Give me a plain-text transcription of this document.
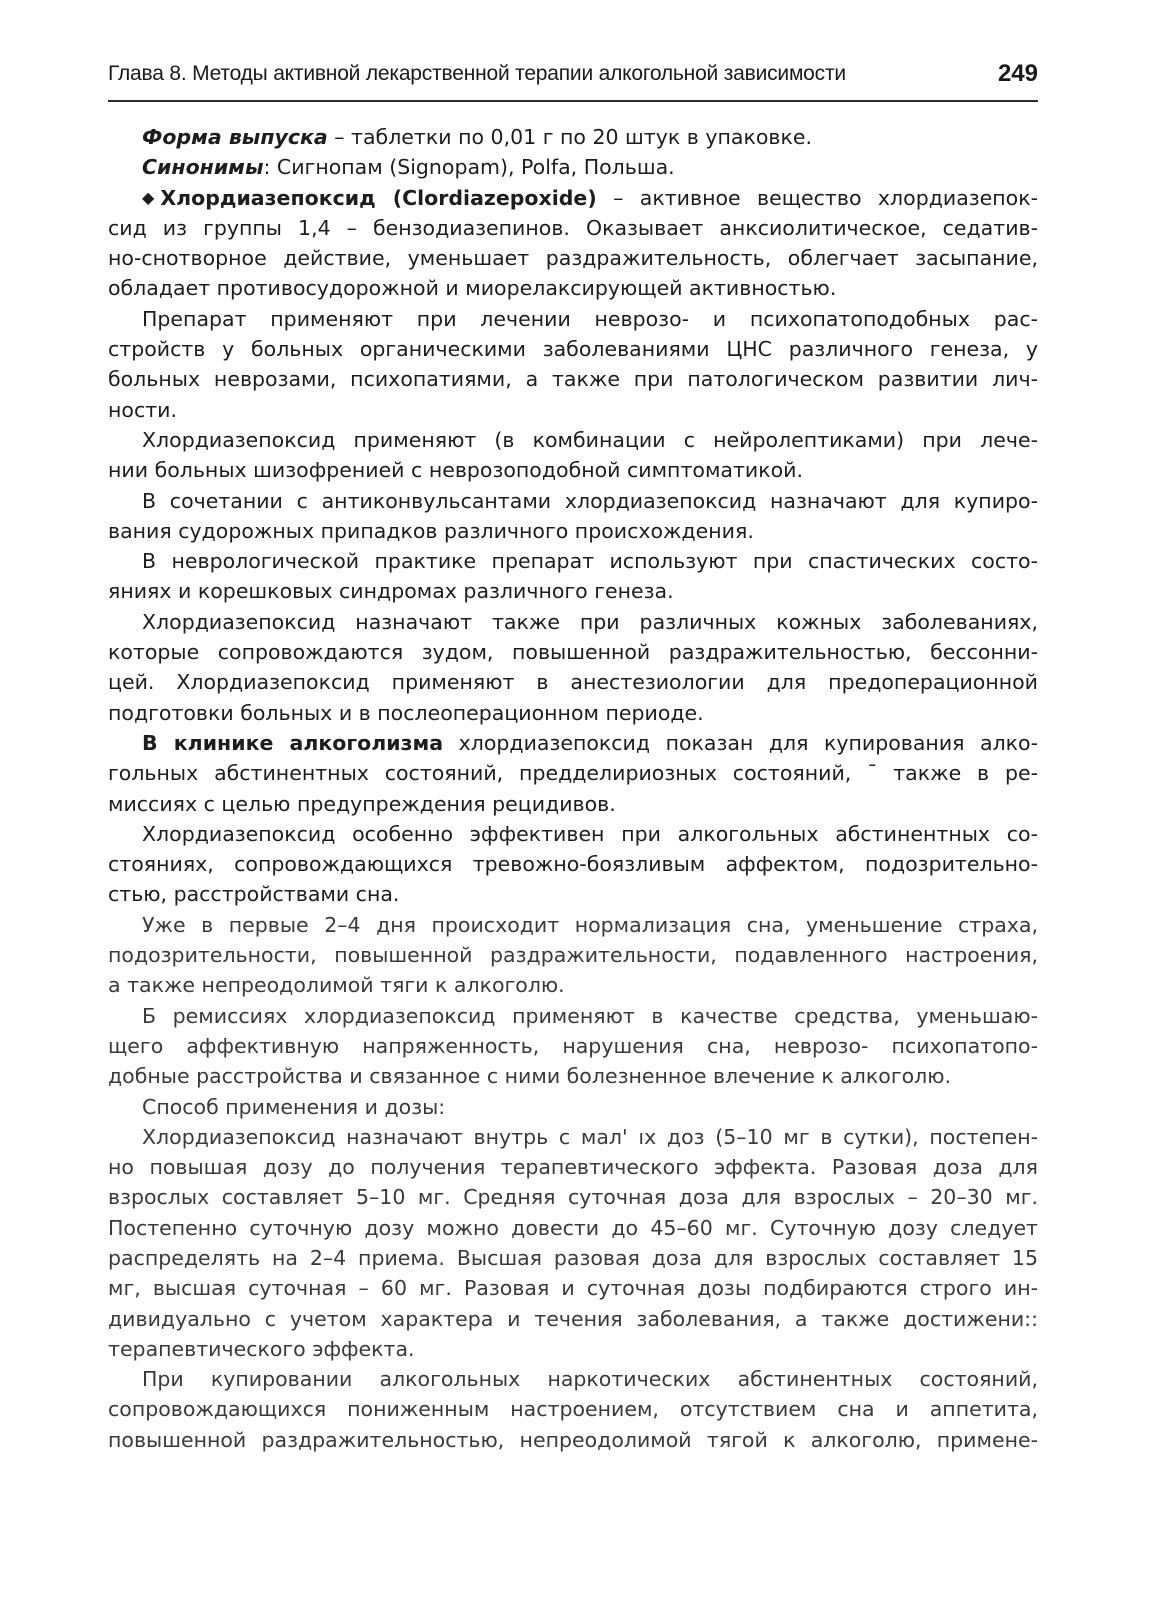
Глава 8. Методы активной лекарственной терапии алкогольной зависимости	249
Форма выпуска – таблетки по 0,01 г по 20 штук в упаковке.
Синонимы: Сигнопам (Signopam), Polfa, Польша.
◆ Хлордиазепоксид (Clordiazepoxide) – активное вещество хлордиазепок-
сид из группы 1,4 – бензодиазепинов. Оказывает анксиолитическое, седатив-
но-снотворное действие, уменьшает раздражительность, облегчает засыпание,
обладает противосудорожной и миорелаксирующей активностью.
Препарат применяют при лечении неврозо- и психопатоподобных рас-
стройств у больных органическими заболеваниями ЦНС различного генеза, у
больных неврозами, психопатиями, а также при патологическом развитии лич-
ности.
Хлордиазепоксид применяют (в комбинации с нейролептиками) при лече-
нии больных шизофренией с неврозоподобной симптоматикой.
В сочетании с антиконвульсантами хлордиазепоксид назначают для купиро-
вания судорожных припадков различного происхождения.
В неврологической практике препарат используют при спастических состо-
яниях и корешковых синдромах различного генеза.
Хлордиазепоксид назначают также при различных кожных заболеваниях,
которые сопровождаются зудом, повышенной раздражительностью, бессонни-
цей. Хлордиазепоксид применяют в анестезиологии для предоперационной
подготовки больных и в послеоперационном периоде.
В клинике алкоголизма хлордиазепоксид показан для купирования алко-
гольных абстинентных состояний, предделириозных состояний, ˉ также в ре-
миссиях с целью предупреждения рецидивов.
Хлордиазепоксид особенно эффективен при алкогольных абстинентных со-
стояниях, сопровождающихся тревожно-боязливым аффектом, подозрительно-
стью, расстройствами сна.
Уже в первые 2–4 дня происходит нормализация сна, уменьшение страха,
подозрительности, повышенной раздражительности, подавленного настроения,
а также непреодолимой тяги к алкоголю.
Б ремиссиях хлордиазепоксид применяют в качестве средства, уменьшаю-
щего аффективную напряженность, нарушения сна, неврозо- психопатопо-
добные расстройства и связанное с ними болезненное влечение к алкоголю.
Способ применения и дозы:
Хлордиазепоксид назначают внутрь с мал' ıх доз (5–10 мг в сутки), постепен-
но повышая дозу до получения терапевтического эффекта. Разовая доза для
взрослых составляет 5–10 мг. Средняя суточная доза для взрослых – 20–30 мг.
Постепенно суточную дозу можно довести до 45–60 мг. Суточную дозу следует
распределять на 2–4 приема. Высшая разовая доза для взрослых составляет 15
мг, высшая суточная – 60 мг. Разовая и суточная дозы подбираются строго ин-
дивидуально с учетом характера и течения заболевания, а также достижени::
терапевтического эффекта.
При купировании алкогольных наркотических абстинентных состояний,
сопровождающихся пониженным настроением, отсутствием сна и аппетита,
повышенной раздражительностью, непреодолимой тягой к алкоголю, примене-
